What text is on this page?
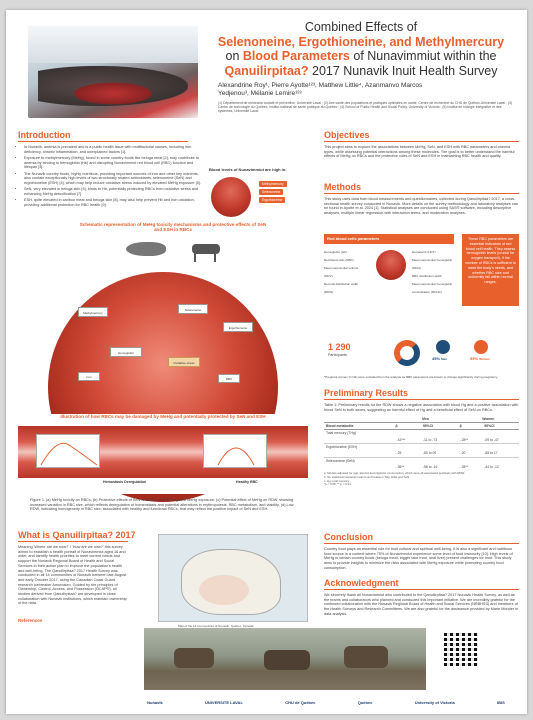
Combined Effects of
Selenoneine, Ergothioneine, and Methylmercury
on Blood Parameters of Nunavimmiut within the
Qanuilirpitaa? 2017 Nunavik Inuit Health Survey
Alexandrine Roy¹, Pierre Ayotte¹²³, Matthew Little⁴, Azanmanvo Marcos
Yedjenou³, Mélanie Lemire¹²³
(1) Département de médecine sociale et préventive, Université Laval ; (2) Axe santé des populations et pratiques optimales en santé, Centre de recherche du CHU de Québec-Université Laval ; (3) Centre de toxicologie du Québec, Institut national de santé publique du Québec ; (4) School of Public Health and Social Policy, University of Victoria ; (5) Institut de biologie intégrative et des systèmes, Université Laval
Introduction
• In Nunavik, anemia is prevalent and is a public health issue with multifactorial causes, including iron deficiency, chronic inflammation, and unexplained factors [1].
• Exposure to methylmercury (MeHg), found in some country foods like beluga meat [2], may contribute to anemia by binding to hemoglobin (Hb) and disrupting Nunavimmiut red blood cell (RBC) function and lifespan [3].
• The Nunavik country foods, highly nutritious, providing important sources of iron and other key nutrients, also contain exceptionally high levels of two structurally related antioxidants, selenoneine (SeN) and ergothioneine (ESH) [4], which may help reduce oxidative stress induced by elevated MeHg exposure [5].
• SeN, very elevated in beluga skin [6], binds to Hb, potentially protecting RBCs from oxidative stress and enhancing MeHg detoxification [7].
• ESH, quite elevated in caribou meat and beluga skin [8], may also help prevent Hb and iron oxidation, providing additional protection for RBC health [9].
Blood levels of Nunavimmiut are high in:
Methylmercury
Selenoneine
Ergothioneine
Schematic representation of MeHg toxicity mechanisms and protective effects of SeN and ESH in RBCs
Methylmercury
Selenoneine
Ergothioneine
Hemoglobin
Oxidative stress
Iron	RBC
Illustration of how RBCs may be damaged by MeHg and potentially protected by SeN and ESH
Hemostasis Deregulation	Healthy RBC
Figure 1. (a) MeHg toxicity on RBCs, (b) Protective effects of SeN and ESH on RBCs against MeHg exposure, (c) Potential effect of MeHg on RDW, showing increased variation in RBC size, which reflects deregulation of homeostasis and potential alterations in erythropoiesis, RBC metabolism, and viability, (d) Low RDW, indicating homogeneity in RBC size, associated with healthy and functional RBCs, that may reflect the positive impact of SeN and ESH.
What is Qanuilirpitaa? 2017
Meaning 'Where are we now?' / 'How are we now?' this survey aimed to establish a health portrait of Nunavimmiut aged 16 and older, and identify health priorities to meet current needs and support the Nunavik Regional Board of Health and Social Services in their action plan to improve the population's health and well-being. The Qanuilirpitaa? 2017 Health Survey was conducted in all 14 communities of Nunavik between late August and early October 2017, using the Canadian Coast Guard research icebreaker Amundsen. Guided by the principles of Ownership, Control, Access, and Possession (OCAP®), all studies derived from Qanuilirpitaa? are developed in close collaboration with Nunavik institutions, which maintain ownership of the data.
Map of the 14 communities of Nunavik, Québec, Canada
References
Objectives
This project aims to explore the associations between MeHg, SeN, and ESH with RBC parameters and anemia types, while assessing potential interactions among these molecules. The goal is to better understand the harmful effects of MeHg on RBCs and the protective roles of SeN and ESH in maintaining RBC health and quality.
Methods
This study uses data from blood measurements and questionnaires, collected during Qanuilirpitaa? 2017, a cross-sectional health survey conducted in Nunavik. More details on the survey methodology and laboratory analyses can be found in Ayotte et al. 2024 [1]. Statistical analyses are conducted using SAS® software, including descriptive analyses, multiple linear regression with interaction terms, and moderation analyses.
Red blood cells parameters
Hemoglobin (Hb)
Red blood cells (RBC)
Mean corpuscular volume (MCV)
Red cell distribution width (RDW)
Hematocrit (HCT)
Mean corpuscular hemoglobin (MCH)
RBC distribution width
Mean corpuscular hemoglobin concentration (MCHC)
These RBC parameters are essential indicators of red blood cell health. They assess hemoglobin levels (crucial for oxygen transport), if the number of RBCs is sufficient to meet the body's needs, and whether RBC size and uniformity fall within normal ranges.
1 290
Participants
45% Men	55% Women
*Pregnant women (n=44) were excluded from the analysis as RBC parameters are known to change significantly during pregnancy.
Preliminary Results
Table 1: Preliminary results for the RDW shows a negative association with blood Hg and a positive association with blood SeN in both sexes, suggesting an harmful effect of Hg and a beneficial effect of SeN on RBCs.
	Men		Women	
Blood metabolite	β	95%CI	β	95%CI
Total mercury (THg)				
	- 42***	-11 to -73	- 28**	-09 to -47
Ergothioneine (ESH)				
	- 25	-60 to 09	- 20	-55 to 17
Selenoneine (SeN)				
	- 36**	-56 to -16	- 28**	-44 to -12
a. Models adjusted for age, alcohol and cigarette consumption, which were all associated positively with RDW.
b. No statistical interaction was found between THg, ESH and SeN.
c. Hg: total mercury
*p < 0.05, ** p < 0.01
Conclusion
Country food plays an essential role for Inuit cultural and spiritual well-being. It is also a significant and nutritious food source in a context where 75% of Nunavimmiut experience some level of food insecurity [10]. High levels of MeHg in certain country foods (beluga meat, bigger lake trout, seal liver) present challenges for Inuit. This study aims to provide insights to minimize the risks associated with MeHg exposure while promoting country food consumption.
Acknowledgment
We sincerely thank all Nunavimmiut who contributed to the Qanuilirpitaa? 2017 Nunavik Health Survey, as well as the teams and collaborators who planned and conducted this important initiative. We are incredibly grateful for the continued collaboration with the Nunavik Regional Board of Health and Social Services (NRBHSS) and members of the Health Surveys and Research Committees. We are also grateful for the assistance provided by Marie Monder in data analysis.
Nunavik	UNIVERSITÉ LAVAL	CHU de Québec	Québec	University of Victoria	IBIS
